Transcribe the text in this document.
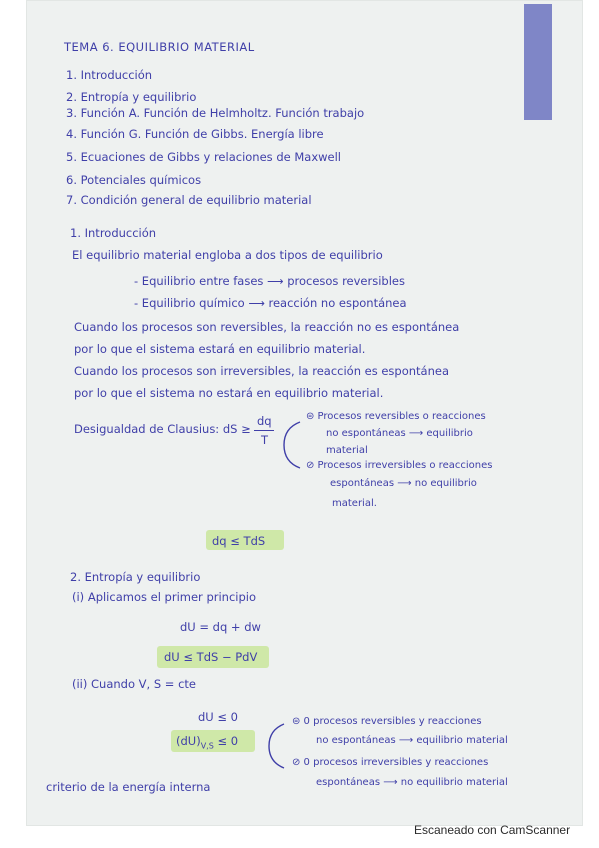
TEMA 6. EQUILIBRIO MATERIAL
1. Introducción
2. Entropía y equilibrio
3. Función A. Función de Helmholtz. Función trabajo
4. Función G. Función de Gibbs. Energía libre
5. Ecuaciones de Gibbs y relaciones de Maxwell
6. Potenciales químicos
7. Condición general de equilibrio material
1. Introducción
El equilibrio material engloba a dos tipos de equilibrio
- Equilibrio entre fases ⟶ procesos reversibles
- Equilibrio químico ⟶ reacción no espontánea
Cuando los procesos son reversibles, la reacción no es espontánea
por lo que el sistema estará en equilibrio material.
Cuando los procesos son irreversibles, la reacción es espontánea
por lo que el sistema no estará en equilibrio material.
Desigualdad de Clausius: dS ≥
dq
T
⊜ Procesos reversibles o reacciones
no espontáneas ⟶ equilibrio
material
⊘ Procesos irreversibles o reacciones
espontáneas ⟶ no equilibrio
material.
dq ≤ TdS
2. Entropía y equilibrio
(i) Aplicamos el primer principio
dU = dq + dw
dU ≤ TdS − PdV
(ii) Cuando V, S = cte
dU ≤ 0
$(dU)_{V,S} \le 0$
⊜ 0 procesos reversibles y reacciones
no espontáneas ⟶ equilibrio material
⊘ 0 procesos irreversibles y reacciones
espontáneas ⟶ no equilibrio material
criterio de la energía interna
Escaneado con CamScanner
